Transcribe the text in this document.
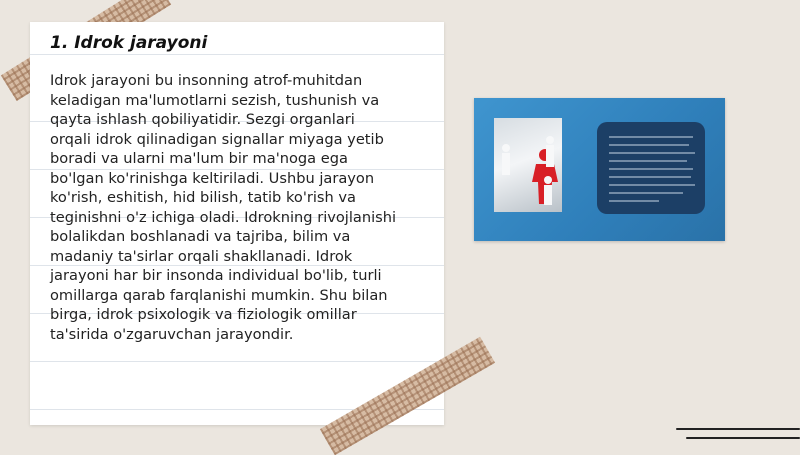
1. Idrok jarayoni
Idrok jarayoni bu insonning atrof-muhitdan keladigan ma'lumotlarni sezish, tushunish va qayta ishlash qobiliyatidir. Sezgi organlari orqali idrok qilinadigan signallar miyaga yetib boradi va ularni ma'lum bir ma'noga ega bo'lgan ko'rinishga keltiriladi. Ushbu jarayon ko'rish, eshitish, hid bilish, tatib ko'rish va teginishni o'z ichiga oladi. Idrokning rivojlanishi bolalikdan boshlanadi va tajriba, bilim va madaniy ta'sirlar orqali shakllanadi. Idrok jarayoni har bir insonda individual bo'lib, turli omillarga qarab farqlanishi mumkin. Shu bilan birga, idrok psixologik va fiziologik omillar ta'sirida o'zgaruvchan jarayondir.
